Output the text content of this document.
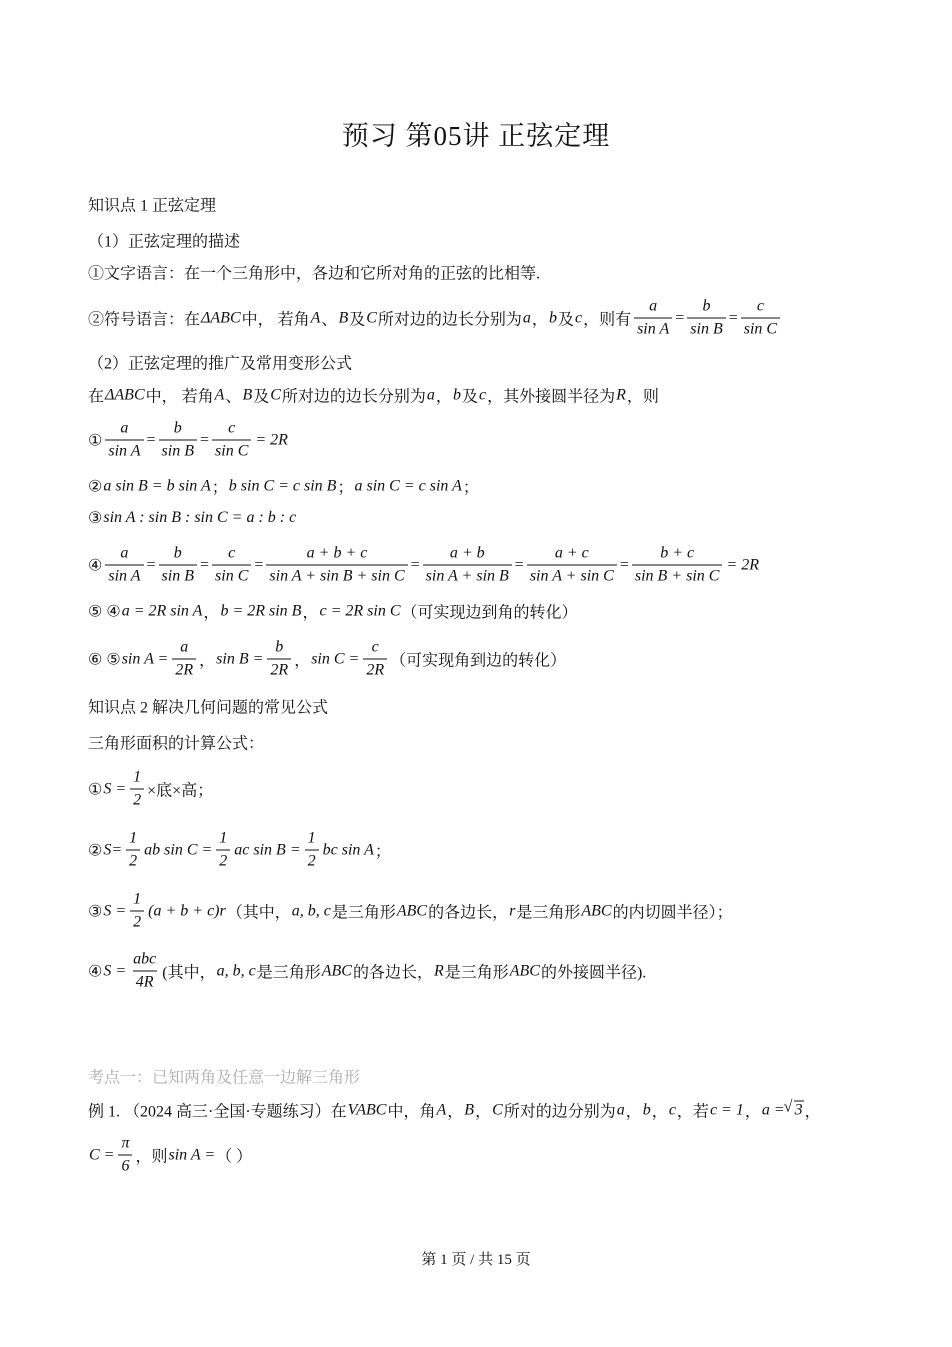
预习 第05讲 正弦定理
知识点 1 正弦定理
（1）正弦定理的描述
①文字语言：在一个三角形中，各边和它所对角的正弦的比相等.
②符号语言：在 ΔABC 中， 若角 A 、 B 及 C 所对边的边长分别为 a ， b 及 c ，则有 $\frac{a}{\text{sin A}} = \frac{b}{\text{sin B}} = \frac{c}{\text{sin C}}$
（2）正弦定理的推广及常用变形公式
在 ΔABC 中， 若角 A 、 B 及 C 所对边的边长分别为 a ， b 及 c ，其外接圆半径为 R ，则
① $\frac{a}{\text{sin A}} = \frac{b}{\text{sin B}} = \frac{c}{\text{sin C}} = 2R$
② a sin B = b sin A ； b sin C = c sin B ； a sin C = c sin A ；
③ sin A : sin B : sin C = a : b : c
④ $\frac{a}{\text{sin A}} = \frac{b}{\text{sin B}} = \frac{c}{\text{sin C}} = \frac{a + b + c}{\text{sin A + sin B + sin C}} = \frac{a + b}{\text{sin A + sin B}} = \frac{a + c}{\text{sin A + sin C}} = \frac{b + c}{\text{sin B + sin C}} = 2R$
⑤ ④ a = 2R sin A ， b = 2R sin B ， c = 2R sin C （可实现边到角的转化）
⑥ ⑤ $\sin A = \frac{a}{2R}$ ， $\sin B = \frac{b}{2R}$ ， $\sin C = \frac{c}{2R}$ （可实现角到边的转化）
知识点 2 解决几何问题的常见公式
三角形面积的计算公式：
① $S = \frac{1}{2}$ ×底×高；
② $S= \frac{1}{2}$ ab $\sin C = \frac{1}{2}$ ac $\sin B = \frac{1}{2}$ bc sin A ；
③ $S = \frac{1}{2} (a + b + c)r$ （其中， a, b, c 是三角形 ABC 的各边长， r 是三角形 ABC 的内切圆半径）；
④ $S = \frac{\text{abc}}{4R}$ (其中， a, b, c 是三角形 ABC 的各边长， R 是三角形 ABC 的外接圆半径).
考点一：已知两角及任意一边解三角形
例 1. （2024 高三·全国·专题练习）在 VABC 中，角 A ， B ， C 所对的边分别为 a ， b ， c ，若 c = 1 ， a = √ 3 ，
$C = \frac{\pi}{6}$ ，则 sin A = （ ）
第 1 页 / 共 15 页
